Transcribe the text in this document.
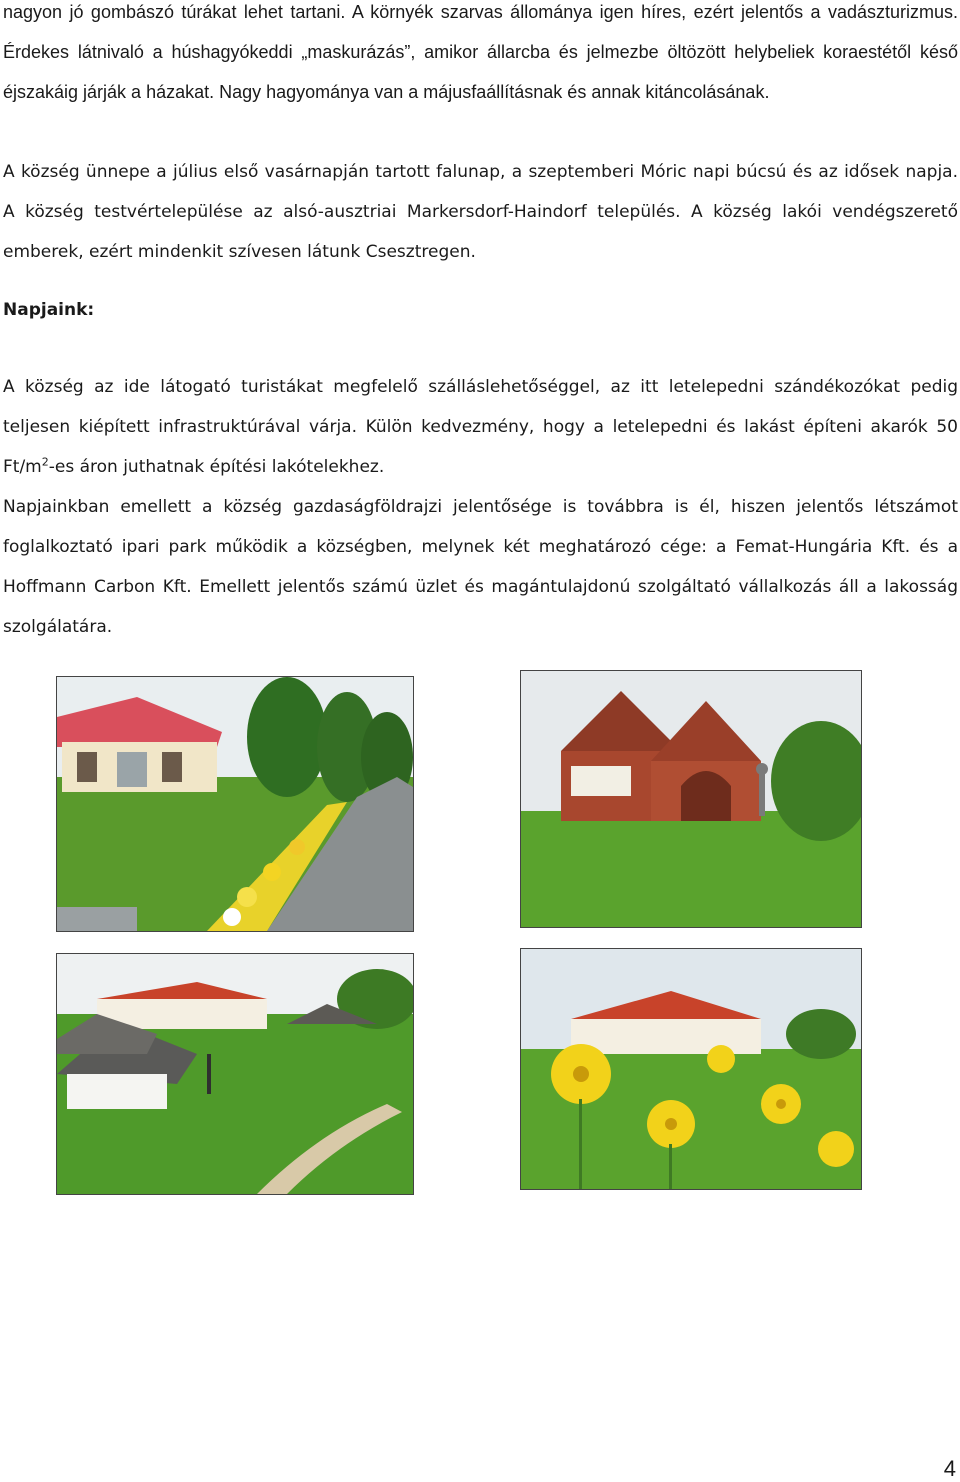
nagyon jó gombászó túrákat lehet tartani. A környék szarvas állománya igen híres, ezért jelentős a vadászturizmus. Érdekes látnivaló a húshagyókeddi „maskurázás”, amikor állarcba és jelmezbe öltözött helybeliek koraestétől késő éjszakáig járják a házakat. Nagy hagyománya van a májusfaállításnak és annak kitáncolásának.

A község ünnepe a július első vasárnapján tartott falunap, a szeptemberi Móric napi búcsú és az idősek napja. A község testvértelepülése az alsó-ausztriai Markersdorf-Haindorf település. A község lakói vendégszerető emberek, ezért mindenkit szívesen látunk Csesztregen.

Napjaink:

A község az ide látogató turistákat megfelelő szálláslehetőséggel, az itt letelepedni szándékozókat pedig teljesen kiépített infrastruktúrával várja. Külön kedvezmény, hogy a letelepedni és lakást építeni akarók 50 $Ft/m^2-es$ áron juthatnak építési lakótelekhez.

Napjainkban emellett a község gazdaságföldrajzi jelentősége is továbbra is él, hiszen jelentős létszámot foglalkoztató ipari park működik a községben, melynek két meghatározó cége: a Femat-Hungária Kft. és a Hoffmann Carbon Kft. Emellett jelentős számú üzlet és magántulajdonú szolgáltató vállalkozás áll a lakosság szolgálatára.

4
